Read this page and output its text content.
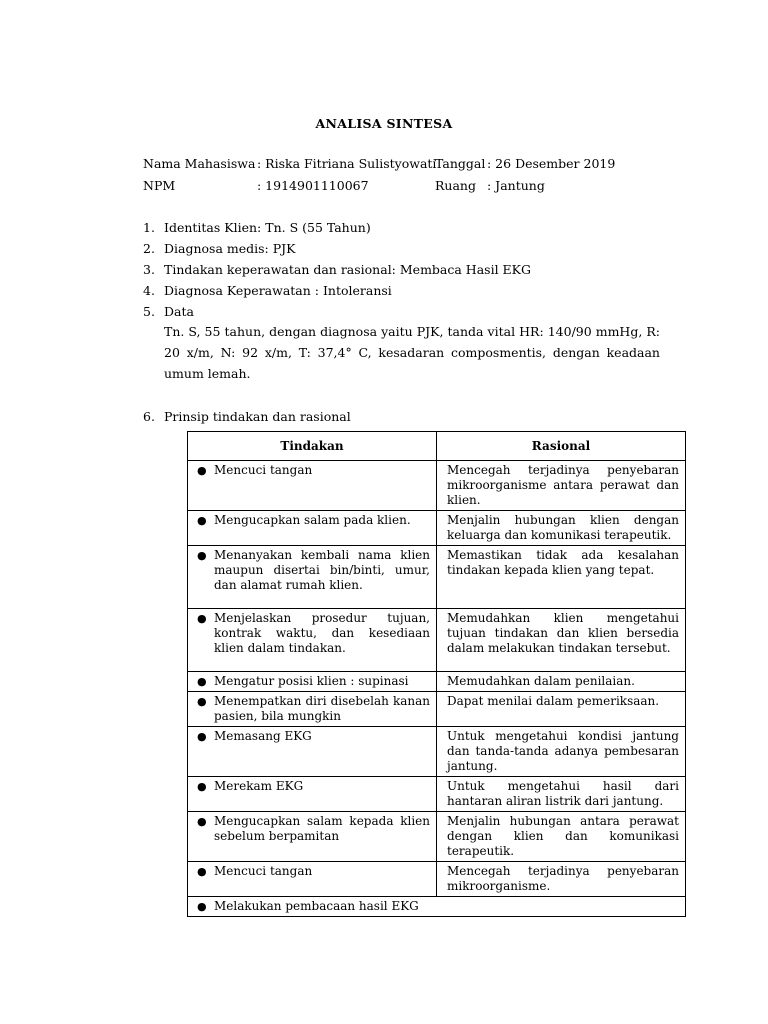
ANALISA SINTESA
Nama Mahasiswa : Riska Fitriana Sulistyowati
Tanggal : 26 Desember 2019
NPM	: 1914901110067	Ruang : Jantung
1. Identitas Klien: Tn. S (55 Tahun)
2. Diagnosa medis: PJK
3. Tindakan keperawatan dan rasional: Membaca Hasil EKG
4. Diagnosa Keperawatan : Intoleransi
5. Data
Tn. S, 55 tahun, dengan diagnosa yaitu PJK, tanda vital HR: 140/90 mmHg, R: 20 x/m, N: 92 x/m, T: 37,4° C, kesadaran composmentis, dengan keadaan umum lemah.
6. Prinsip tindakan dan rasional
Tindakan	Rasional

● Mencuci tangan	Mencegah terjadinya penyebaran mikroorganisme antara perawat dan klien.

● Mengucapkan salam pada klien.	Menjalin hubungan klien dengan keluarga dan komunikasi terapeutik.

● Menanyakan kembali nama klien maupun disertai bin/binti, umur, dan alamat rumah klien.	Memastikan tidak ada kesalahan tindakan kepada klien yang tepat.

● Menjelaskan prosedur tujuan, kontrak waktu, dan kesediaan klien dalam tindakan.	Memudahkan klien mengetahui tujuan tindakan dan klien bersedia dalam melakukan tindakan tersebut.

● Mengatur posisi klien : supinasi	Memudahkan dalam penilaian.

● Menempatkan diri disebelah kanan pasien, bila mungkin	Dapat menilai dalam pemeriksaan.

● Memasang EKG	Untuk mengetahui kondisi jantung dan tanda-tanda adanya pembesaran jantung.

● Merekam EKG	Untuk mengetahui hasil dari hantaran aliran listrik dari jantung.

● Mengucapkan salam kepada klien sebelum berpamitan	Menjalin hubungan antara perawat dengan klien dan komunikasi terapeutik.

● Mencuci tangan	Mencegah terjadinya penyebaran mikroorganisme.

● Melakukan pembacaan hasil EKG	
